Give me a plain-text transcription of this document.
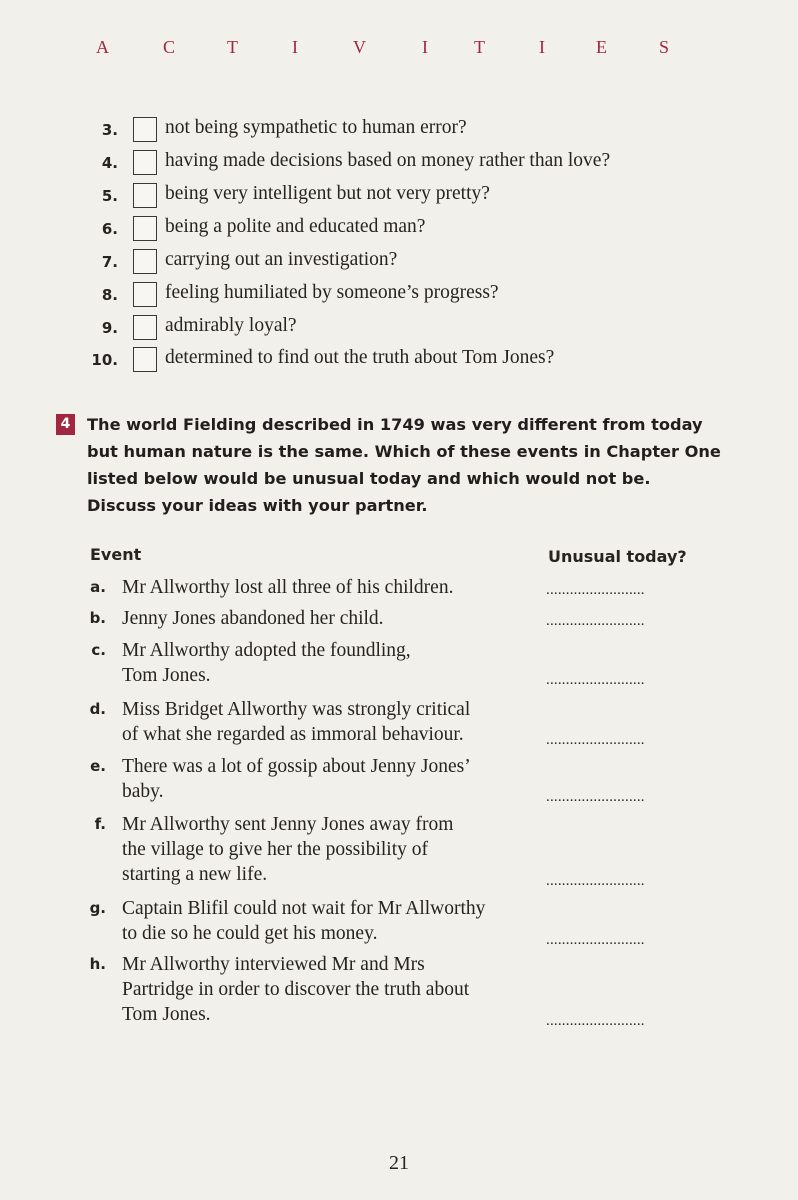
A	C	T	I	V	I	T	I	E	S
3. not being sympathetic to human error?
4. having made decisions based on money rather than love?
5. being very intelligent but not very pretty?
6. being a polite and educated man?
7. carrying out an investigation?
8. feeling humiliated by someone’s progress?
9. admirably loyal?
10. determined to find out the truth about Tom Jones?
4 The world Fielding described in 1749 was very different from today
but human nature is the same. Which of these events in Chapter One
listed below would be unusual today and which would not be.
Discuss your ideas with your partner.
Event	Unusual today?
a. Mr Allworthy lost all three of his children.	.........................
b. Jenny Jones abandoned her child.	.........................
c. Mr Allworthy adopted the foundling,
Tom Jones.	.........................
d. Miss Bridget Allworthy was strongly critical
of what she regarded as immoral behaviour.	.........................
e. There was a lot of gossip about Jenny Jones’
baby.	.........................
f. Mr Allworthy sent Jenny Jones away from
the village to give her the possibility of
starting a new life.	.........................
g. Captain Blifil could not wait for Mr Allworthy
to die so he could get his money.	.........................
h. Mr Allworthy interviewed Mr and Mrs
Partridge in order to discover the truth about
Tom Jones.	.........................
21
